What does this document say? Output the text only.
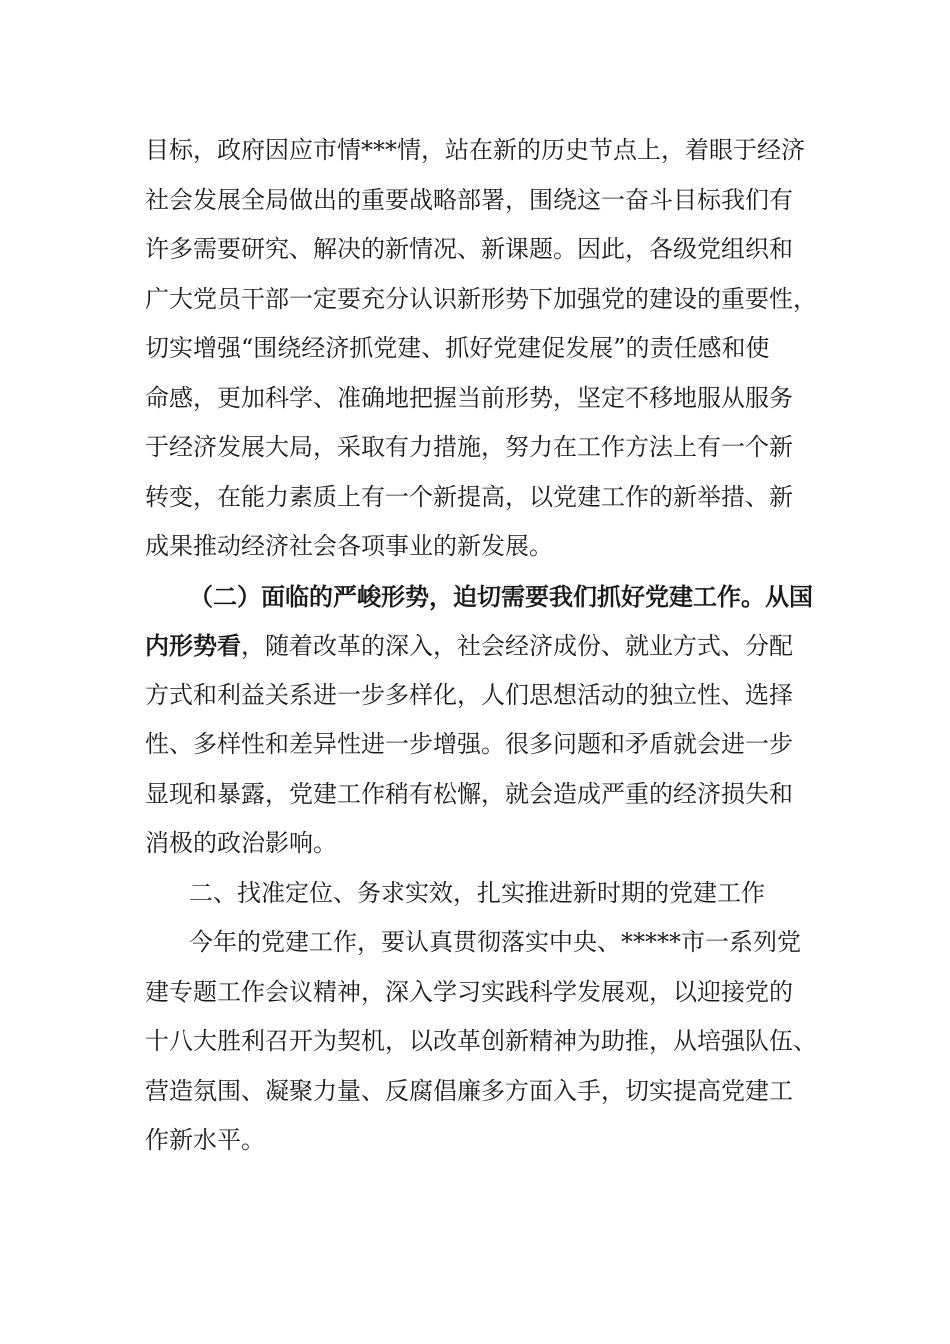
目标，政府因应市情***情，站在新的历史节点上，着眼于经济
社会发展全局做出的重要战略部署，围绕这一奋斗目标我们有
许多需要研究、解决的新情况、新课题。因此，各级党组织和
广大党员干部一定要充分认识新形势下加强党的建设的重要性，
切实增强“围绕经济抓党建、抓好党建促发展”的责任感和使
命感，更加科学、准确地把握当前形势，坚定不移地服从服务
于经济发展大局，采取有力措施，努力在工作方法上有一个新
转变，在能力素质上有一个新提高，以党建工作的新举措、新
成果推动经济社会各项事业的新发展。
（二）面临的严峻形势，迫切需要我们抓好党建工作。从国
内形势看，随着改革的深入，社会经济成份、就业方式、分配
方式和利益关系进一步多样化，人们思想活动的独立性、选择
性、多样性和差异性进一步增强。很多问题和矛盾就会进一步
显现和暴露，党建工作稍有松懈，就会造成严重的经济损失和
消极的政治影响。
二、找准定位、务求实效，扎实推进新时期的党建工作
今年的党建工作，要认真贯彻落实中央、*****市一系列党
建专题工作会议精神，深入学习实践科学发展观，以迎接党的
十八大胜利召开为契机，以改革创新精神为助推，从培强队伍、
营造氛围、凝聚力量、反腐倡廉多方面入手，切实提高党建工
作新水平。
